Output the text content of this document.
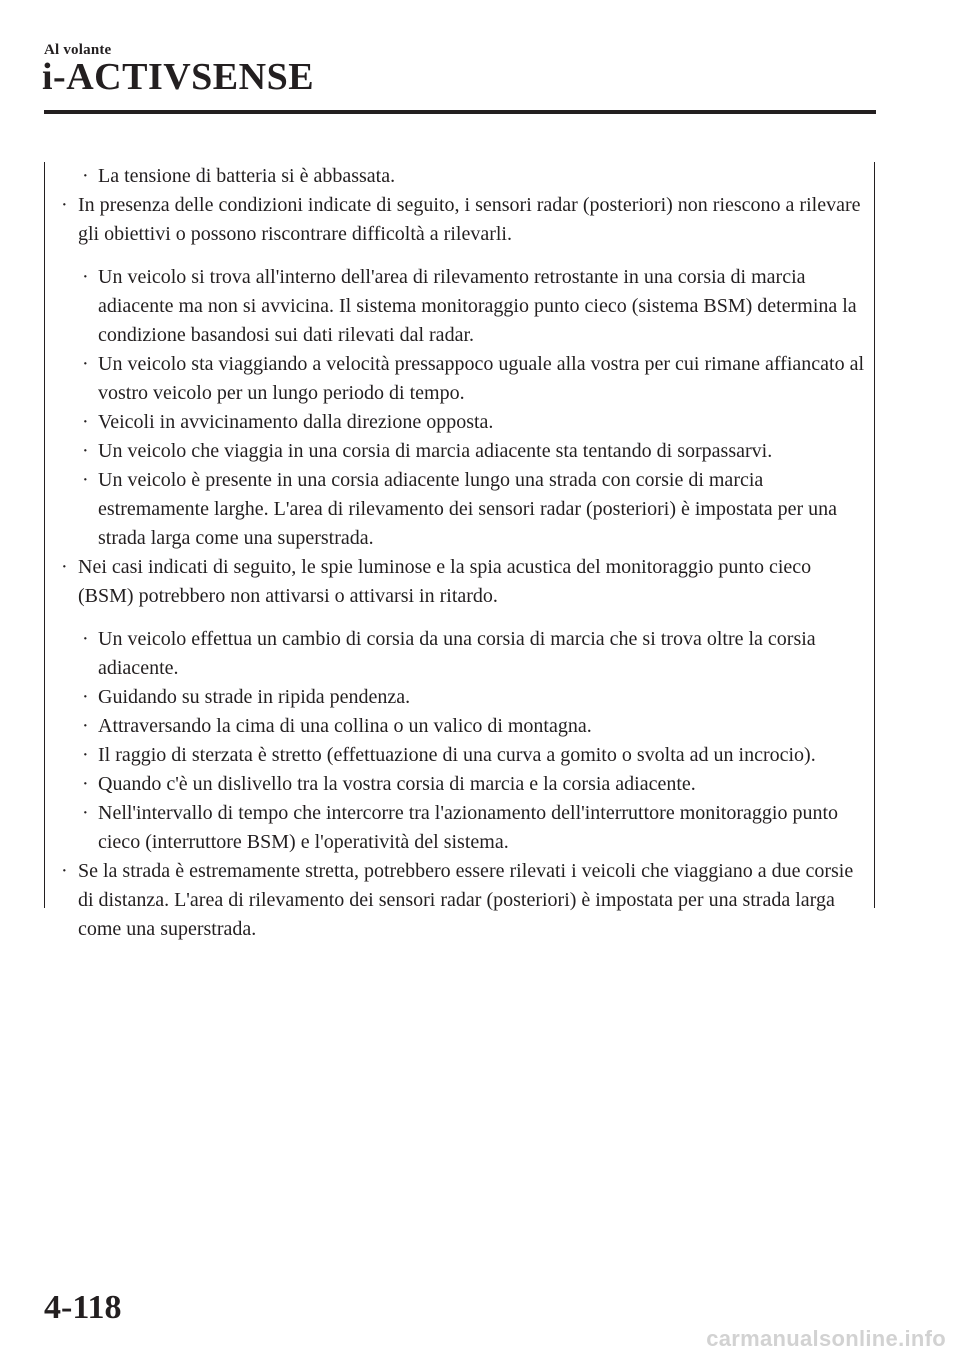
Al volante
i-ACTIVSENSE

· La tensione di batteria si è abbassata.

· In presenza delle condizioni indicate di seguito, i sensori radar (posteriori) non riescono a rilevare gli obiettivi o possono riscontrare difficoltà a rilevarli.

· Un veicolo si trova all'interno dell'area di rilevamento retrostante in una corsia di marcia adiacente ma non si avvicina. Il sistema monitoraggio punto cieco (sistema BSM) determina la condizione basandosi sui dati rilevati dal radar.

· Un veicolo sta viaggiando a velocità pressappoco uguale alla vostra per cui rimane affiancato al vostro veicolo per un lungo periodo di tempo.

· Veicoli in avvicinamento dalla direzione opposta.

· Un veicolo che viaggia in una corsia di marcia adiacente sta tentando di sorpassarvi.

· Un veicolo è presente in una corsia adiacente lungo una strada con corsie di marcia estremamente larghe. L'area di rilevamento dei sensori radar (posteriori) è impostata per una strada larga come una superstrada.

· Nei casi indicati di seguito, le spie luminose e la spia acustica del monitoraggio punto cieco (BSM) potrebbero non attivarsi o attivarsi in ritardo.

· Un veicolo effettua un cambio di corsia da una corsia di marcia che si trova oltre la corsia adiacente.

· Guidando su strade in ripida pendenza.

· Attraversando la cima di una collina o un valico di montagna.

· Il raggio di sterzata è stretto (effettuazione di una curva a gomito o svolta ad un incrocio).

· Quando c'è un dislivello tra la vostra corsia di marcia e la corsia adiacente.

· Nell'intervallo di tempo che intercorre tra l'azionamento dell'interruttore monitoraggio punto cieco (interruttore BSM) e l'operatività del sistema.

· Se la strada è estremamente stretta, potrebbero essere rilevati i veicoli che viaggiano a due corsie di distanza. L'area di rilevamento dei sensori radar (posteriori) è impostata per una strada larga come una superstrada.

4-118
carmanualsonline.info
